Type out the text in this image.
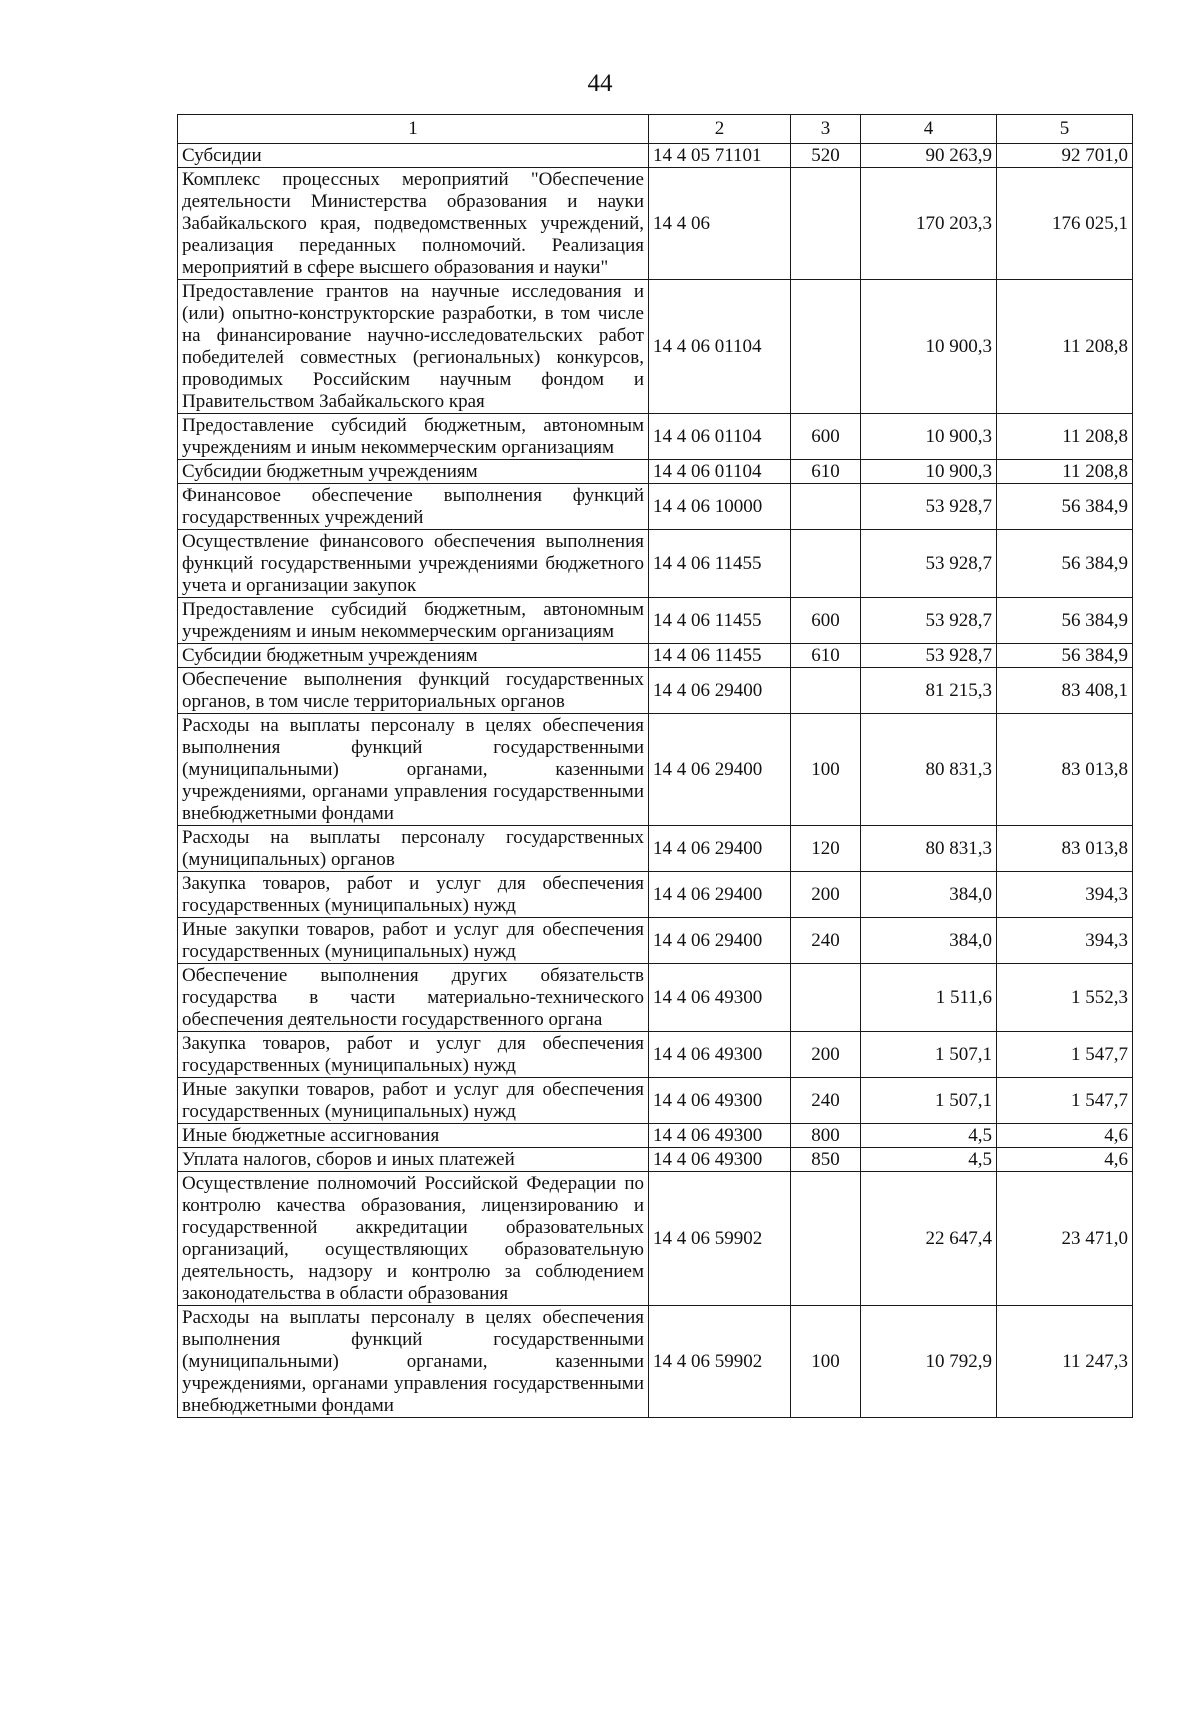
44
1	2	3	4	5
Субсидии	14 4 05 71101	520	90 263,9	92 701,0
Комплекс процессных мероприятий "Обеспечение деятельности Министерства образования и науки Забайкальского края, подведомственных учреждений, реализация переданных полномочий. Реализация мероприятий в сфере высшего образования и науки"	14 4 06		170 203,3	176 025,1
Предоставление грантов на научные исследования и (или) опытно-конструкторские разработки, в том числе на финансирование научно-исследовательских работ победителей совместных (региональных) конкурсов, проводимых Российским научным фондом и Правительством Забайкальского края	14 4 06 01104		10 900,3	11 208,8
Предоставление субсидий бюджетным, автономным учреждениям и иным некоммерческим организациям	14 4 06 01104	600	10 900,3	11 208,8
Субсидии бюджетным учреждениям	14 4 06 01104	610	10 900,3	11 208,8
Финансовое обеспечение выполнения функций государственных учреждений	14 4 06 10000		53 928,7	56 384,9
Осуществление финансового обеспечения выполнения функций государственными учреждениями бюджетного учета и организации закупок	14 4 06 11455		53 928,7	56 384,9
Предоставление субсидий бюджетным, автономным учреждениям и иным некоммерческим организациям	14 4 06 11455	600	53 928,7	56 384,9
Субсидии бюджетным учреждениям	14 4 06 11455	610	53 928,7	56 384,9
Обеспечение выполнения функций государственных органов, в том числе территориальных органов	14 4 06 29400		81 215,3	83 408,1
Расходы на выплаты персоналу в целях обеспечения выполнения функций государственными (муниципальными) органами, казенными учреждениями, органами управления государственными внебюджетными фондами	14 4 06 29400	100	80 831,3	83 013,8
Расходы на выплаты персоналу государственных (муниципальных) органов	14 4 06 29400	120	80 831,3	83 013,8
Закупка товаров, работ и услуг для обеспечения государственных (муниципальных) нужд	14 4 06 29400	200	384,0	394,3
Иные закупки товаров, работ и услуг для обеспечения государственных (муниципальных) нужд	14 4 06 29400	240	384,0	394,3
Обеспечение выполнения других обязательств государства в части материально-технического обеспечения деятельности государственного органа	14 4 06 49300		1 511,6	1 552,3
Закупка товаров, работ и услуг для обеспечения государственных (муниципальных) нужд	14 4 06 49300	200	1 507,1	1 547,7
Иные закупки товаров, работ и услуг для обеспечения государственных (муниципальных) нужд	14 4 06 49300	240	1 507,1	1 547,7
Иные бюджетные ассигнования	14 4 06 49300	800	4,5	4,6
Уплата налогов, сборов и иных платежей	14 4 06 49300	850	4,5	4,6
Осуществление полномочий Российской Федерации по контролю качества образования, лицензированию и государственной аккредитации образовательных организаций, осуществляющих образовательную деятельность, надзору и контролю за соблюдением законодательства в области образования	14 4 06 59902		22 647,4	23 471,0
Расходы на выплаты персоналу в целях обеспечения выполнения функций государственными (муниципальными) органами, казенными учреждениями, органами управления государственными внебюджетными фондами	14 4 06 59902	100	10 792,9	11 247,3
